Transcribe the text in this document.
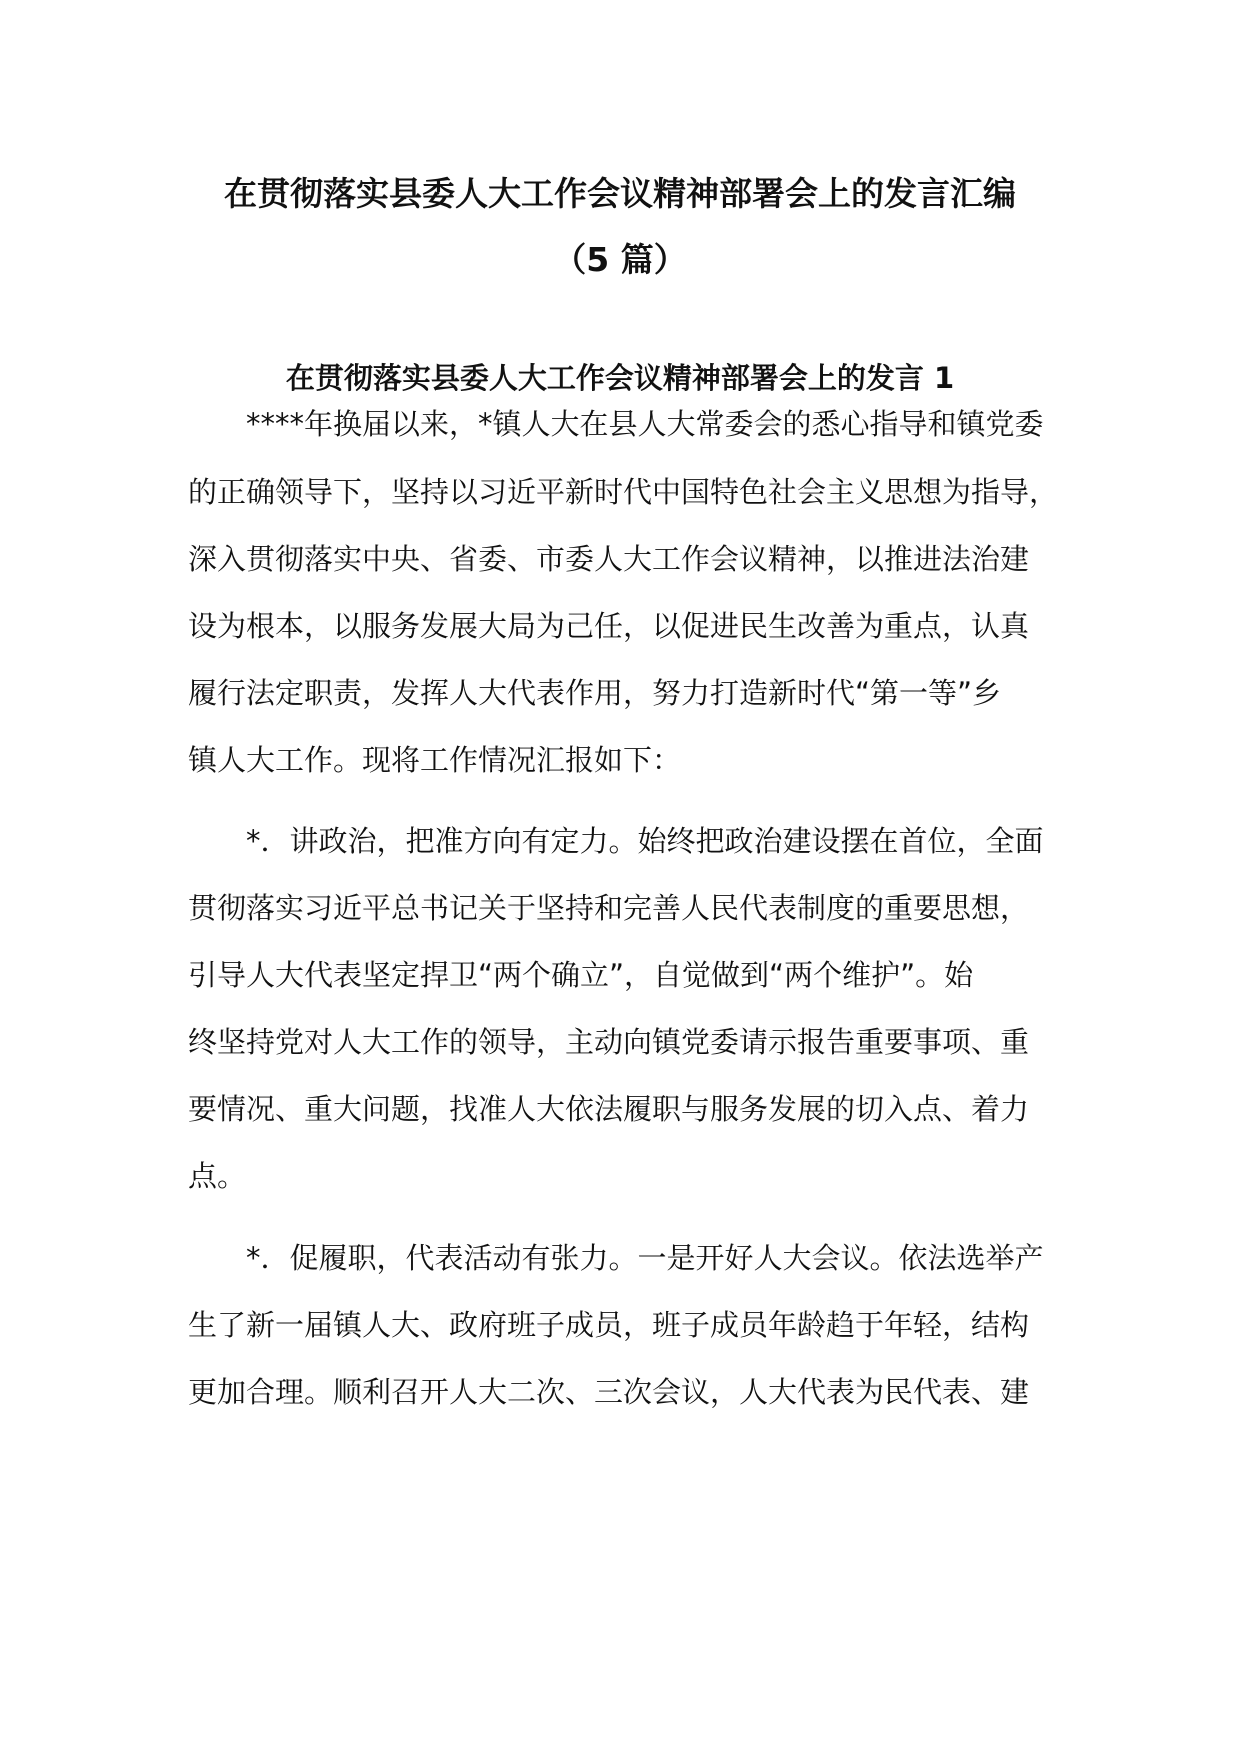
在贯彻落实县委人大工作会议精神部署会上的发言汇编
（5 篇）
在贯彻落实县委人大工作会议精神部署会上的发言 1
****年换届以来，*镇人大在县人大常委会的悉心指导和镇党委
的正确领导下，坚持以习近平新时代中国特色社会主义思想为指导，
深入贯彻落实中央、省委、市委人大工作会议精神，以推进法治建
设为根本，以服务发展大局为己任，以促进民生改善为重点，认真
履行法定职责，发挥人大代表作用，努力打造新时代“第一等”乡
镇人大工作。现将工作情况汇报如下：
*．讲政治，把准方向有定力。始终把政治建设摆在首位，全面
贯彻落实习近平总书记关于坚持和完善人民代表制度的重要思想，
引导人大代表坚定捍卫“两个确立”，自觉做到“两个维护”。始
终坚持党对人大工作的领导，主动向镇党委请示报告重要事项、重
要情况、重大问题，找准人大依法履职与服务发展的切入点、着力
点。
*．促履职，代表活动有张力。一是开好人大会议。依法选举产
生了新一届镇人大、政府班子成员，班子成员年龄趋于年轻，结构
更加合理。顺利召开人大二次、三次会议，人大代表为民代表、建
